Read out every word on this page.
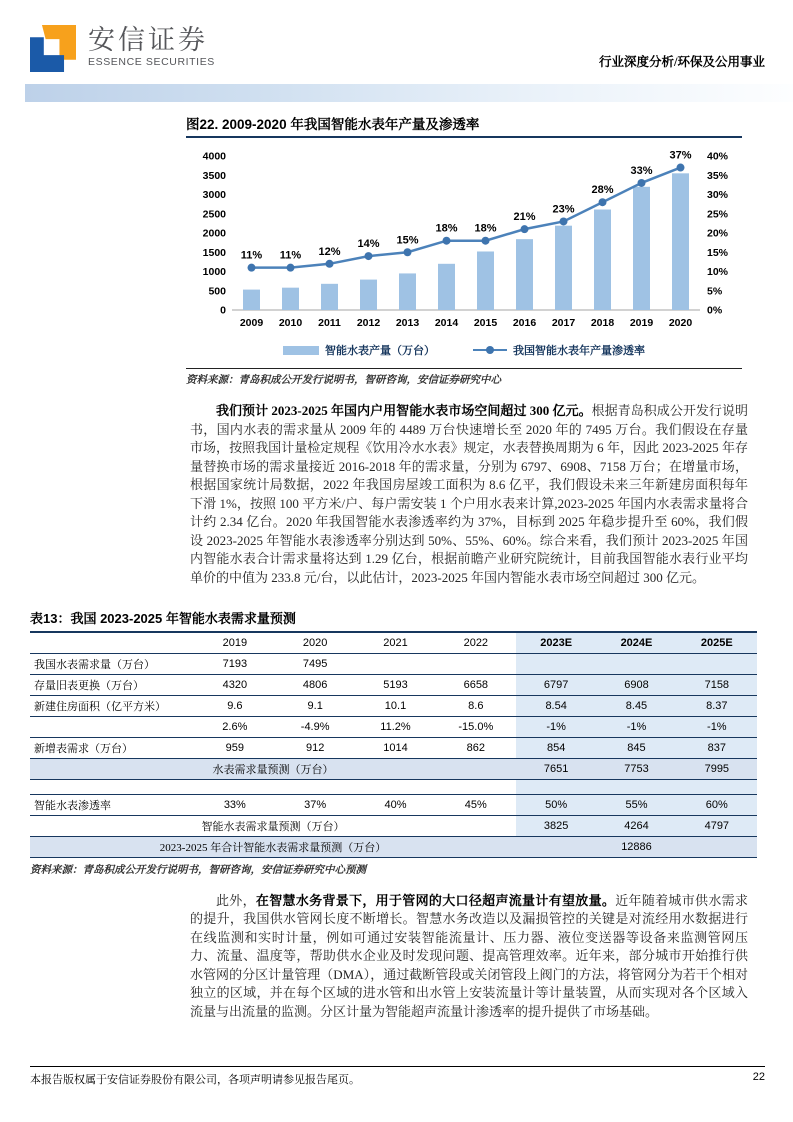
安信证券
ESSENCE SECURITIES	行业深度分析/环保及公用事业
图22. 2009-2020 年我国智能水表年产量及渗透率
0
500
1000
1500
2000
2500
3000
3500
4000
0%
5%
10%
15%
20%
25%
30%
35%
40%
2009 2010 2011 2012 2013 2014 2015 2016 2017 2018 2019 2020
11% 11% 12%
14% 15%
18% 18%
21%
23%
28%
33%
37%
智能水表产量（万台）	我国智能水表年产量渗透率
资料来源：青岛积成公开发行说明书，智研咨询，安信证券研究中心

我们预计 2023-2025 年国内户用智能水表市场空间超过 300 亿元。根据青岛积成公开发行说明书，国内水表的需求量从 2009 年的 4489 万台快速增长至 2020 年的 7495 万台。我们假设在存量市场，按照我国计量检定规程《饮用冷水水表》规定，水表替换周期为 6 年，因此 2023-2025 年存量替换市场的需求量接近 2016-2018 年的需求量，分别为 6797、6908、7158 万台；在增量市场，根据国家统计局数据，2022 年我国房屋竣工面积为 8.6 亿平，我们假设未来三年新建房面积每年下滑 1%，按照 100 平方米/户、每户需安装 1 个户用水表来计算,2023-2025 年国内水表需求量将合计约 2.34 亿台。2020 年我国智能水表渗透率约为 37%，目标到 2025 年稳步提升至 60%，我们假设 2023-2025 年智能水表渗透率分别达到 50%、55%、60%。综合来看，我们预计 2023-2025 年国内智能水表合计需求量将达到 1.29 亿台，根据前瞻产业研究院统计，目前我国智能水表行业平均单价的中值为 233.8 元/台，以此估计，2023-2025 年国内智能水表市场空间超过 300 亿元。

表13：我国 2023-2025 年智能水表需求量预测
	2019	2020	2021	2022	2023E	2024E	2025E
我国水表需求量（万台）	7193	7495					
存量旧表更换（万台）	4320	4806	5193	6658	6797	6908	7158
新建住房面积（亿平方米）	9.6	9.1	10.1	8.6	8.54	8.45	8.37
	2.6%	-4.9%	11.2%	-15.0%	-1%	-1%	-1%
新增表需求（万台）	959	912	1014	862	854	845	837
水表需求量预测（万台）					7651	7753	7995

智能水表渗透率	33%	37%	40%	45%	50%	55%	60%
智能水表需求量预测（万台）					3825	4264	4797
2023-2025 年合计智能水表需求量预测（万台）					12886		
资料来源：青岛积成公开发行说明书，智研咨询，安信证券研究中心预测

此外，在智慧水务背景下，用于管网的大口径超声流量计有望放量。近年随着城市供水需求的提升，我国供水管网长度不断增长。智慧水务改造以及漏损管控的关键是对流经用水数据进行在线监测和实时计量，例如可通过安装智能流量计、压力器、液位变送器等设备来监测管网压力、流量、温度等，帮助供水企业及时发现问题、提高管理效率。近年来，部分城市开始推行供水管网的分区计量管理（DMA），通过截断管段或关闭管段上阀门的方法，将管网分为若干个相对独立的区域，并在每个区域的进水管和出水管上安装流量计等计量装置，从而实现对各个区域入流量与出流量的监测。分区计量为智能超声流量计渗透率的提升提供了市场基础。

本报告版权属于安信证券股份有限公司，各项声明请参见报告尾页。	22
